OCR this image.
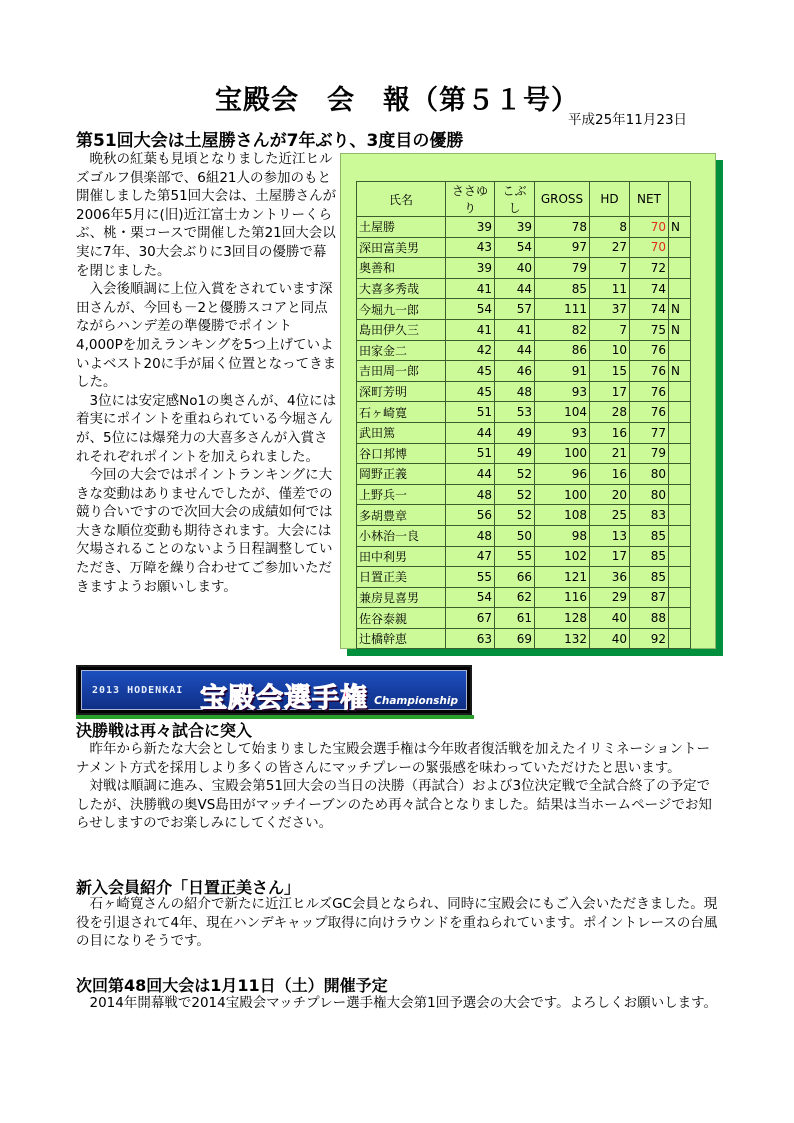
宝殿会　会　報（第５１号）
平成25年11月23日
第51回大会は土屋勝さんが7年ぶり、3度目の優勝

晩秋の紅葉も見頃となりました近江ヒルズゴルフ倶楽部で、6組21人の参加のもと開催しました第51回大会は、土屋勝さんが2006年5月に(旧)近江富士カントリーくらぶ、桃・栗コースで開催した第21回大会以実に7年、30大会ぶりに3回目の優勝で幕を閉じました。

入会後順調に上位入賞をされています深田さんが、今回も－2と優勝スコアと同点ながらハンデ差の準優勝でポイント4,000Pを加えランキングを5つ上げていよいよベスト20に手が届く位置となってきました。

3位には安定感No1の奥さんが、4位には着実にポイントを重ねられている今堀さんが、5位には爆発力の大喜多さんが入賞されそれぞれポイントを加えられました。

今回の大会ではポイントランキングに大きな変動はありませんでしたが、僅差での競り合いですので次回大会の成績如何では大きな順位変動も期待されます。大会には欠場されることのないよう日程調整していただき、万障を繰り合わせてご参加いただきますようお願いします。

氏名	ささゆり	こぶし	GROSS	HD	NET	
土屋勝	39	39	78	8	70	N
深田富美男	43	54	97	27	70	
奥善和	39	40	79	7	72	
大喜多秀哉	41	44	85	11	74	
今堀九一郎	54	57	111	37	74	N
島田伊久三	41	41	82	7	75	N
田家金二	42	44	86	10	76	
吉田周一郎	45	46	91	15	76	N
深町芳明	45	48	93	17	76	
石ヶ崎寛	51	53	104	28	76	
武田篤	44	49	93	16	77	
谷口邦博	51	49	100	21	79	
岡野正義	44	52	96	16	80	
上野兵一	48	52	100	20	80	
多胡豊章	56	52	108	25	83	
小林治一良	48	50	98	13	85	
田中利男	47	55	102	17	85	
日置正美	55	66	121	36	85	
兼房見喜男	54	62	116	29	87	
佐谷泰親	67	61	128	40	88	
辻橋幹恵	63	69	132	40	92	
2013 HODENKAI 宝殿会選手権 Championship
決勝戦は再々試合に突入

昨年から新たな大会として始まりました宝殿会選手権は今年敗者復活戦を加えたイリミネーショントーナメント方式を採用しより多くの皆さんにマッチプレーの緊張感を味わっていただけたと思います。

対戦は順調に進み、宝殿会第51回大会の当日の決勝（再試合）および3位決定戦で全試合終了の予定でしたが、決勝戦の奥VS島田がマッチイーブンのため再々試合となりました。結果は当ホームページでお知らせしますのでお楽しみにしてください。

新入会員紹介「日置正美さん」

石ヶ崎寛さんの紹介で新たに近江ヒルズGC会員となられ、同時に宝殿会にもご入会いただきました。現役を引退されて4年、現在ハンデキャップ取得に向けラウンドを重ねられています。ポイントレースの台風の目になりそうです。

次回第48回大会は1月11日（土）開催予定

2014年開幕戦で2014宝殿会マッチプレー選手権大会第1回予選会の大会です。よろしくお願いします。
